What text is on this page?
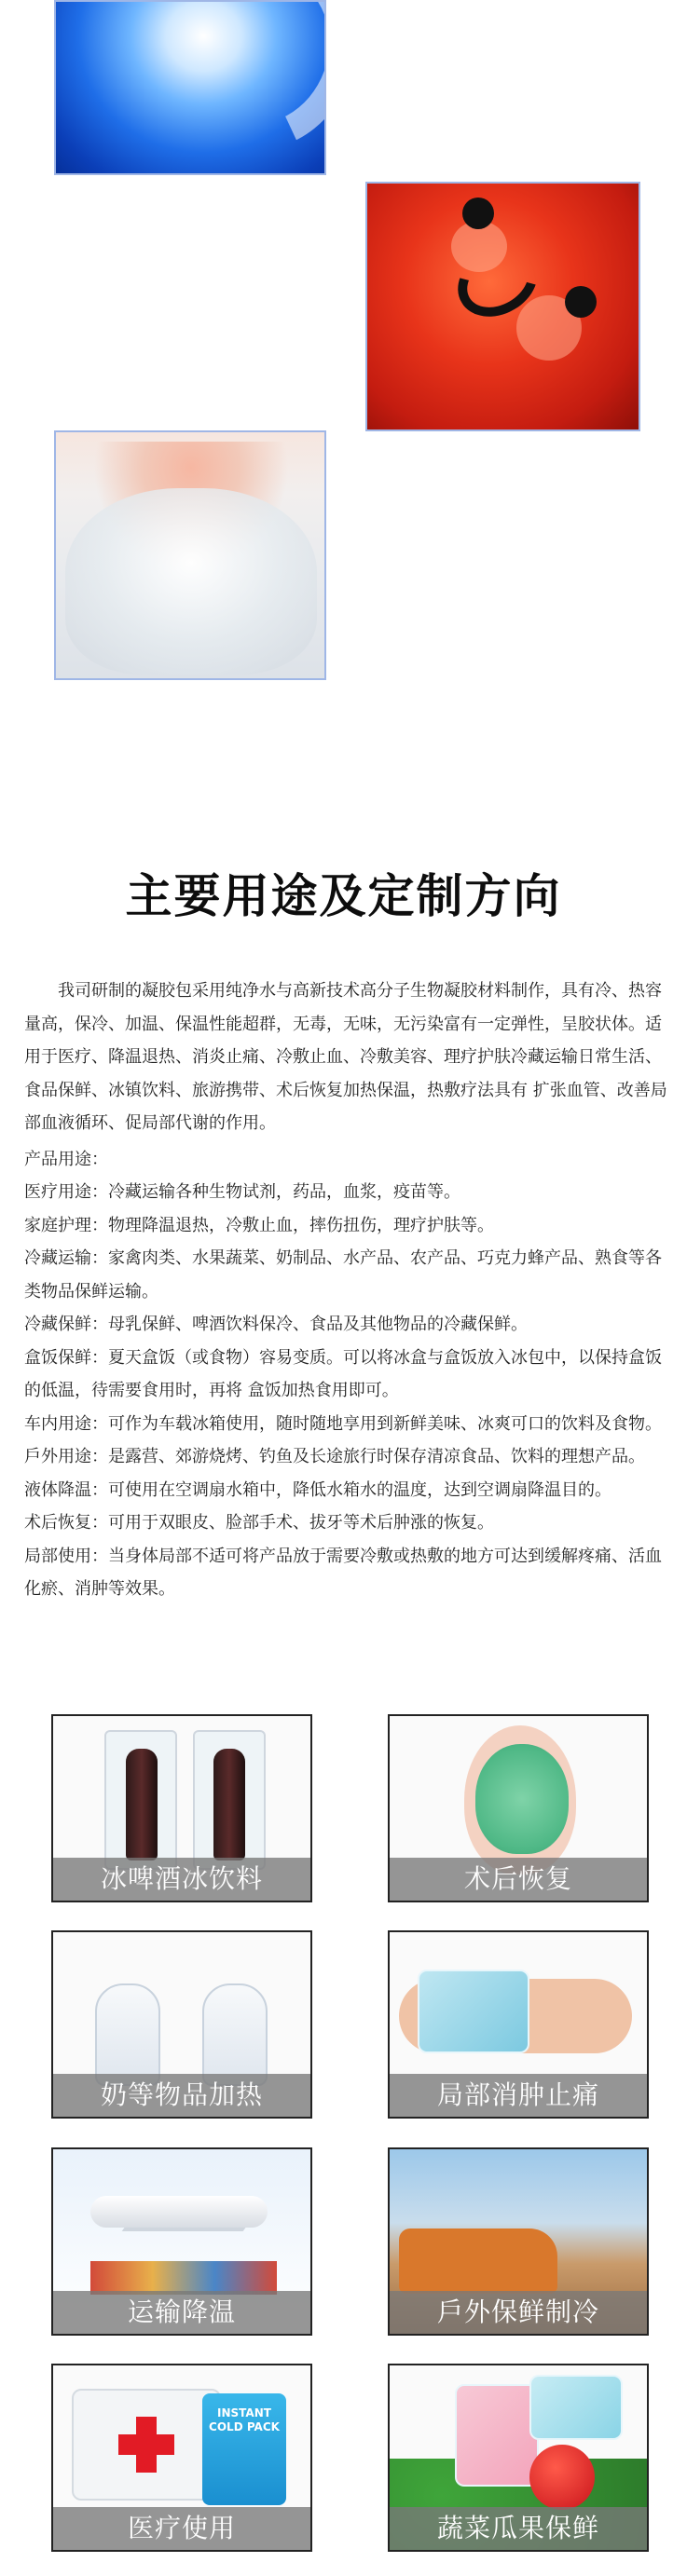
主要用途及定制方向

我司研制的凝胶包采用纯净水与高新技术高分子生物凝胶材料制作，具有冷、热容量高，保冷、加温、保温性能超群，无毒，无味，无污染富有一定弹性，呈胶状体。适用于医疗、降温退热、消炎止痛、冷敷止血、冷敷美容、理疗护肤冷藏运输日常生活、食品保鲜、冰镇饮料、旅游携带、术后恢复加热保温，热敷疗法具有 扩张血管、改善局部血液循环、促局部代谢的作用。

产品用途：

医疗用途：冷藏运输各种生物试剂，药品，血浆，疫苗等。

家庭护理：物理降温退热，冷敷止血，摔伤扭伤，理疗护肤等。

冷藏运输：家禽肉类、水果蔬菜、奶制品、水产品、农产品、巧克力蜂产品、熟食等各类物品保鲜运输。

冷藏保鲜：母乳保鲜、啤酒饮料保冷、食品及其他物品的冷藏保鲜。

盒饭保鲜：夏天盒饭（或食物）容易变质。可以将冰盒与盒饭放入冰包中，以保持盒饭的低温，待需要食用时，再将 盒饭加热食用即可。

车内用途：可作为车载冰箱使用，随时随地享用到新鲜美味、冰爽可口的饮料及食物。

戶外用途：是露营、郊游烧烤、钓鱼及长途旅行时保存清凉食品、饮料的理想产品。

液体降温：可使用在空调扇水箱中，降低水箱水的温度，达到空调扇降温目的。

术后恢复：可用于双眼皮、脸部手术、拔牙等术后肿涨的恢复。

局部使用：当身体局部不适可将产品放于需要冷敷或热敷的地方可达到缓解疼痛、活血化瘀、消肿等效果。

冰啤酒冰饮料	术后恢复
奶等物品加热	局部消肿止痛
运输降温	戶外保鲜制冷
INSTANT COLD PACK
医疗使用	蔬菜瓜果保鲜
